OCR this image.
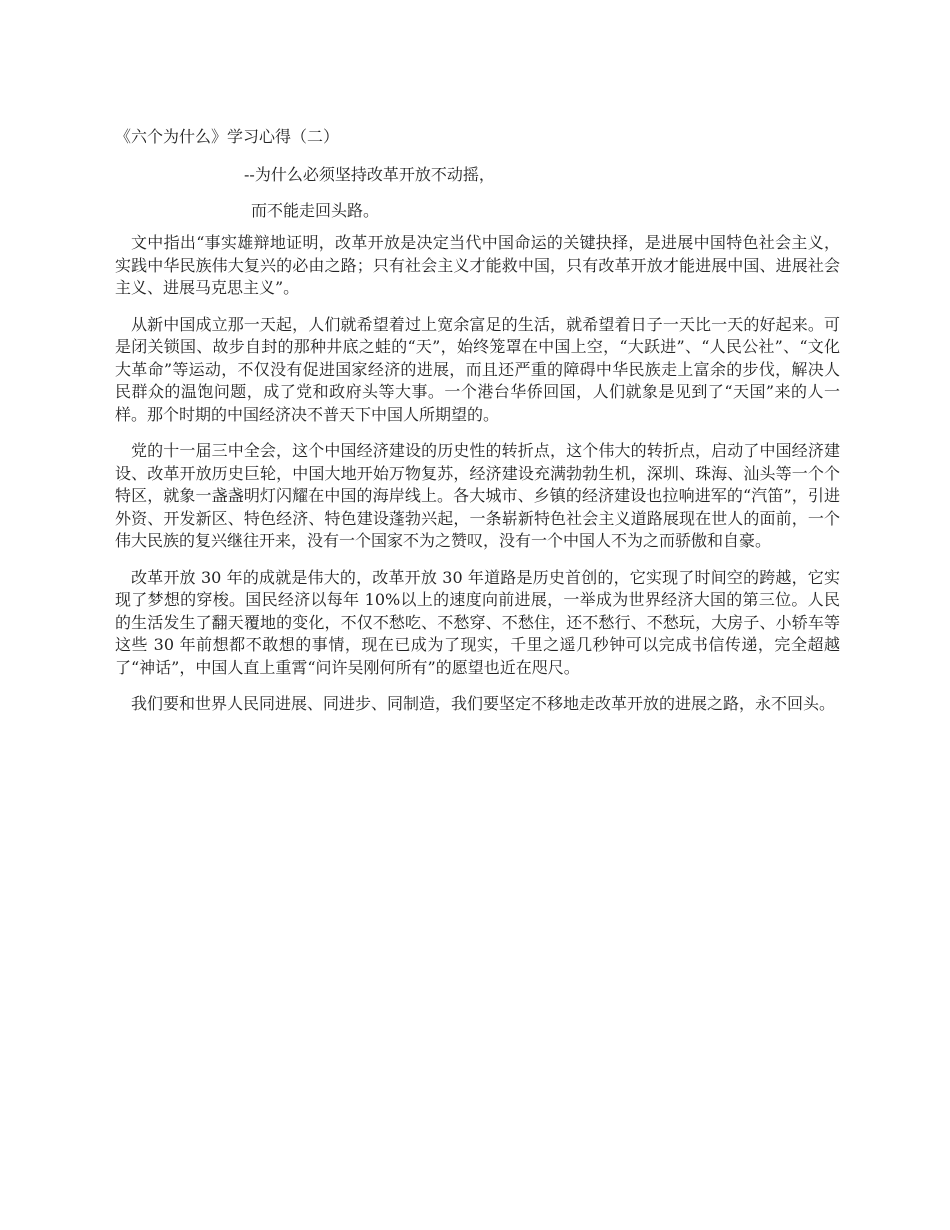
《六个为什么》学习心得（二）
--为什么必须坚持改革开放不动摇，
而不能走回头路。

文中指出“事实雄辩地证明，改革开放是决定当代中国命运的关键抉择，是进展中国特色社会主义，实践中华民族伟大复兴的必由之路；只有社会主义才能救中国，只有改革开放才能进展中国、进展社会主义、进展马克思主义”。

从新中国成立那一天起，人们就希望着过上宽余富足的生活，就希望着日子一天比一天的好起来。可是闭关锁国、故步自封的那种井底之蛙的“天”，始终笼罩在中国上空，“大跃进”、“人民公社”、“文化大革命”等运动，不仅没有促进国家经济的进展，而且还严重的障碍中华民族走上富余的步伐，解决人民群众的温饱问题，成了党和政府头等大事。一个港台华侨回国，人们就象是见到了“天国”来的人一样。那个时期的中国经济决不普天下中国人所期望的。

党的十一届三中全会，这个中国经济建设的历史性的转折点，这个伟大的转折点，启动了中国经济建设、改革开放历史巨轮，中国大地开始万物复苏，经济建设充满勃勃生机，深圳、珠海、汕头等一个个特区，就象一盏盏明灯闪耀在中国的海岸线上。各大城市、乡镇的经济建设也拉响进军的“汽笛”，引进外资、开发新区、特色经济、特色建设蓬勃兴起，一条崭新特色社会主义道路展现在世人的面前，一个伟大民族的复兴继往开来，没有一个国家不为之赞叹，没有一个中国人不为之而骄傲和自豪。

改革开放 30 年的成就是伟大的，改革开放 30 年道路是历史首创的，它实现了时间空的跨越，它实现了梦想的穿梭。国民经济以每年 10%以上的速度向前进展，一举成为世界经济大国的第三位。人民的生活发生了翻天覆地的变化，不仅不愁吃、不愁穿、不愁住，还不愁行、不愁玩，大房子、小轿车等这些 30 年前想都不敢想的事情，现在已成为了现实，千里之遥几秒钟可以完成书信传递，完全超越了“神话”，中国人直上重霄“问许吴刚何所有”的愿望也近在咫尺。

我们要和世界人民同进展、同进步、同制造，我们要坚定不移地走改革开放的进展之路，永不回头。
